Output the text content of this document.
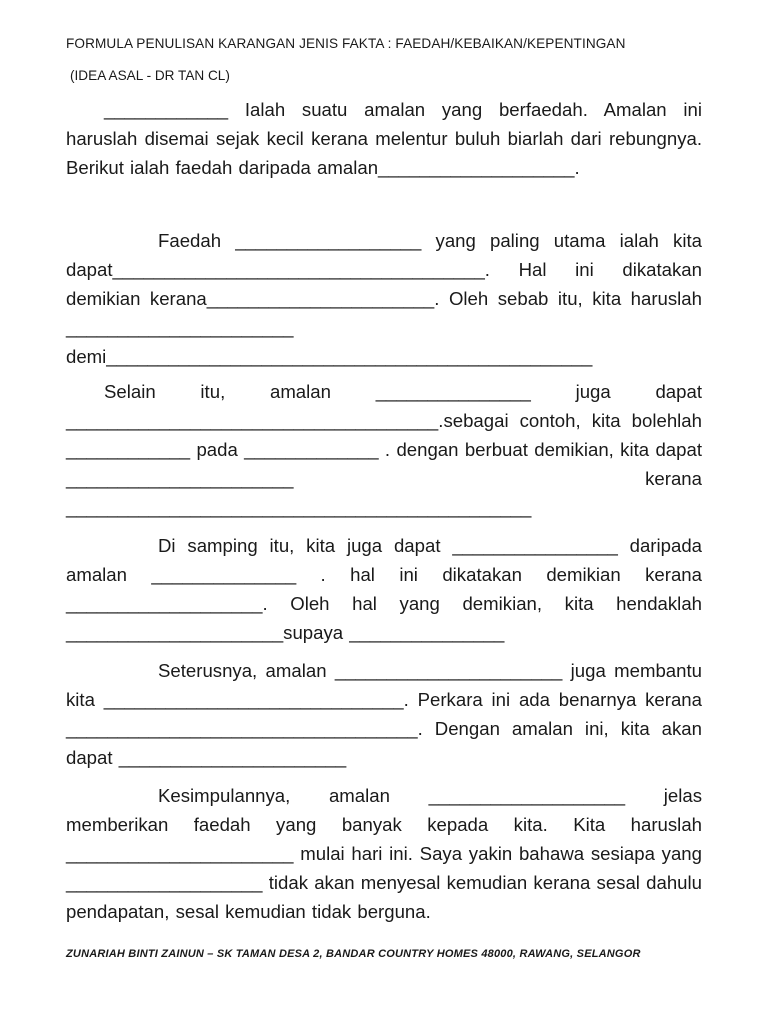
FORMULA PENULISAN KARANGAN JENIS FAKTA : FAEDAH/KEBAIKAN/KEPENTINGAN
(IDEA ASAL - DR TAN CL)

____________ Ialah suatu amalan yang berfaedah. Amalan ini haruslah disemai sejak kecil kerana melentur buluh biarlah dari rebungnya. Berikut ialah faedah daripada amalan___________________.

Faedah __________________ yang paling utama ialah kita dapat____________________________________. Hal ini dikatakan demikian kerana______________________. Oleh sebab itu, kita haruslah ______________________ demi_______________________________________________

Selain itu, amalan _______________ juga dapat ____________________________________.sebagai contoh, kita bolehlah ____________ pada _____________ . dengan berbuat demikian, kita dapat ______________________ kerana _____________________________________________

Di samping itu, kita juga dapat ________________ daripada amalan ______________ . hal ini dikatakan demikian kerana ___________________. Oleh hal yang demikian, kita hendaklah _____________________supaya _______________

Seterusnya, amalan ______________________ juga membantu kita _____________________________. Perkara ini ada benarnya kerana __________________________________. Dengan amalan ini, kita akan dapat ______________________

Kesimpulannya, amalan ___________________ jelas memberikan faedah yang banyak kepada kita. Kita haruslah ______________________ mulai hari ini. Saya yakin bahawa sesiapa yang ___________________ tidak akan menyesal kemudian kerana sesal dahulu pendapatan, sesal kemudian tidak berguna.

ZUNARIAH BINTI ZAINUN – SK TAMAN DESA 2, BANDAR COUNTRY HOMES 48000, RAWANG, SELANGOR
